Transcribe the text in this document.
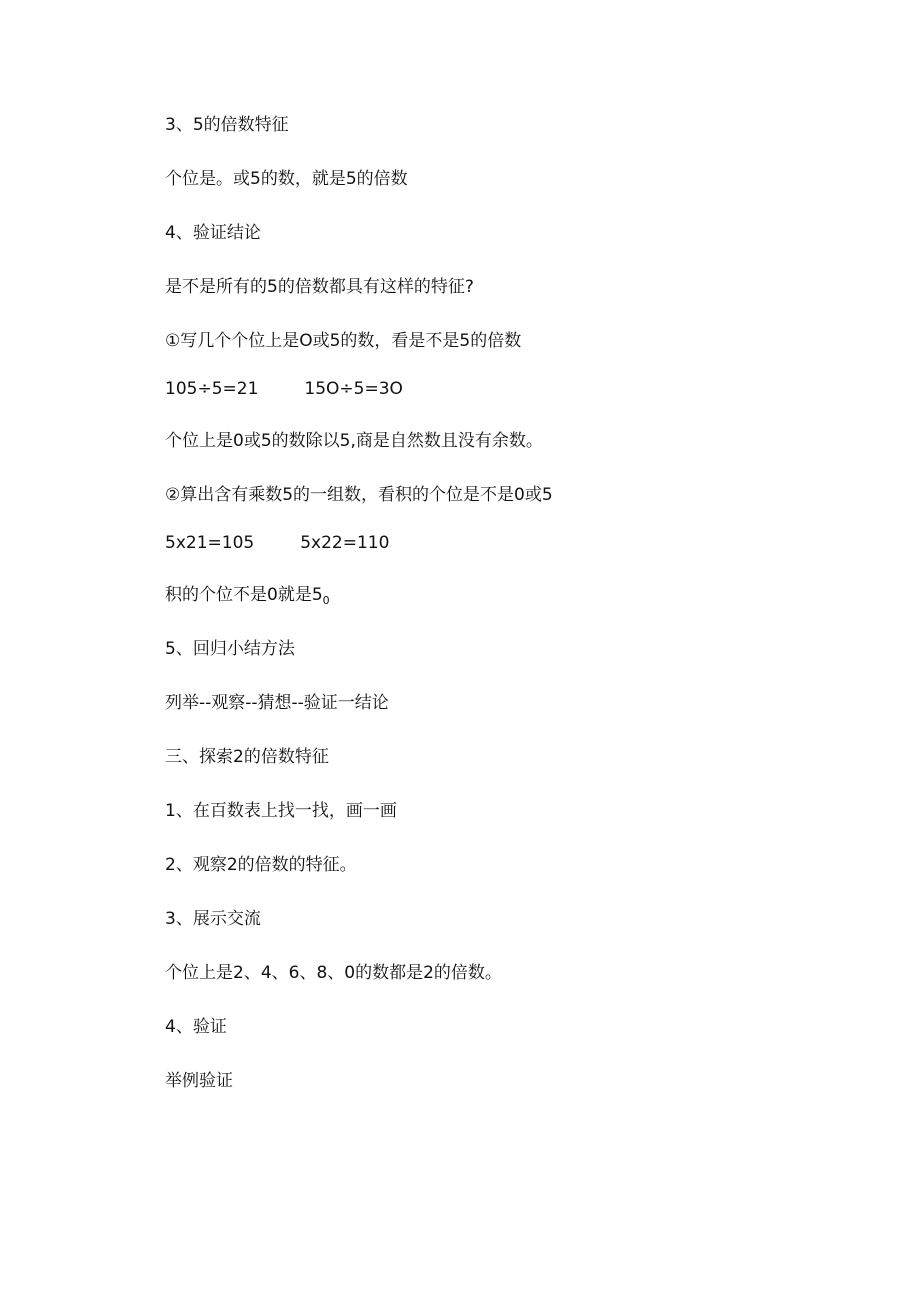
3、5的倍数特征
个位是。或5的数，就是5的倍数
4、验证结论
是不是所有的5的倍数都具有这样的特征?
①写几个个位上是O或5的数，看是不是5的倍数
105÷5=21	15O÷5=3O
个位上是0或5的数除以5,商是自然数且没有余数。
②算出含有乘数5的一组数，看积的个位是不是0或5
5x21=105	5x22=110
积的个位不是0就是$5_0$
5、回归小结方法
列举--观察--猜想--验证一结论
三、探索2的倍数特征
1、在百数表上找一找，画一画
2、观察2的倍数的特征。
3、展示交流
个位上是2、4、6、8、0的数都是2的倍数。
4、验证
举例验证
